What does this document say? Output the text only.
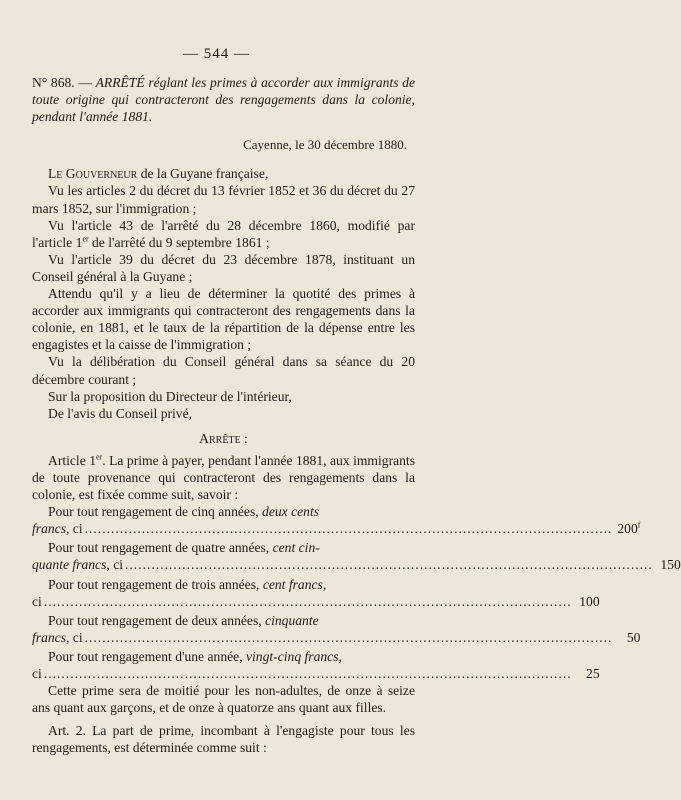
— 544 —

N° 868. — ARRÊTÉ réglant les primes à accorder aux immigrants de toute origine qui contracteront des rengagements dans la colonie, pendant l'année 1881.

Cayenne, le 30 décembre 1880.

Le Gouverneur de la Guyane française,

Vu les articles 2 du décret du 13 février 1852 et 36 du décret du 27 mars 1852, sur l'immigration ;

Vu l'article 43 de l'arrêté du 28 décembre 1860, modifié par l'article 1er de l'arrêté du 9 septembre 1861 ;

Vu l'article 39 du décret du 23 décembre 1878, instituant un Conseil général à la Guyane ;

Attendu qu'il y a lieu de déterminer la quotité des primes à accorder aux immigrants qui contracteront des rengagements dans la colonie, en 1881, et le taux de la répartition de la dépense entre les engagistes et la caisse de l'immigration ;

Vu la délibération du Conseil général dans sa séance du 20 décembre courant ;

Sur la proposition du Directeur de l'intérieur,

De l'avis du Conseil privé,

Arrête :

Article 1er. La prime à payer, pendant l'année 1881, aux immigrants de toute provenance qui contracteront des rengagements dans la colonie, est fixée comme suit, savoir :

Pour tout rengagement de cinq années, deux cents

francs, ci ........................................................................................................................ 200$^f$

Pour tout rengagement de quatre années, cent cin-

quante francs, ci ........................................................................................................................ 150

Pour tout rengagement de trois années, cent francs,

ci ........................................................................................................................ 100

Pour tout rengagement de deux années, cinquante

francs, ci ........................................................................................................................	50

Pour tout rengagement d'une année, vingt-cinq francs,

ci ........................................................................................................................	25

Cette prime sera de moitié pour les non-adultes, de onze à seize ans quant aux garçons, et de onze à quatorze ans quant aux filles.

Art. 2. La part de prime, incombant à l'engagiste pour tous les rengagements, est déterminée comme suit :
